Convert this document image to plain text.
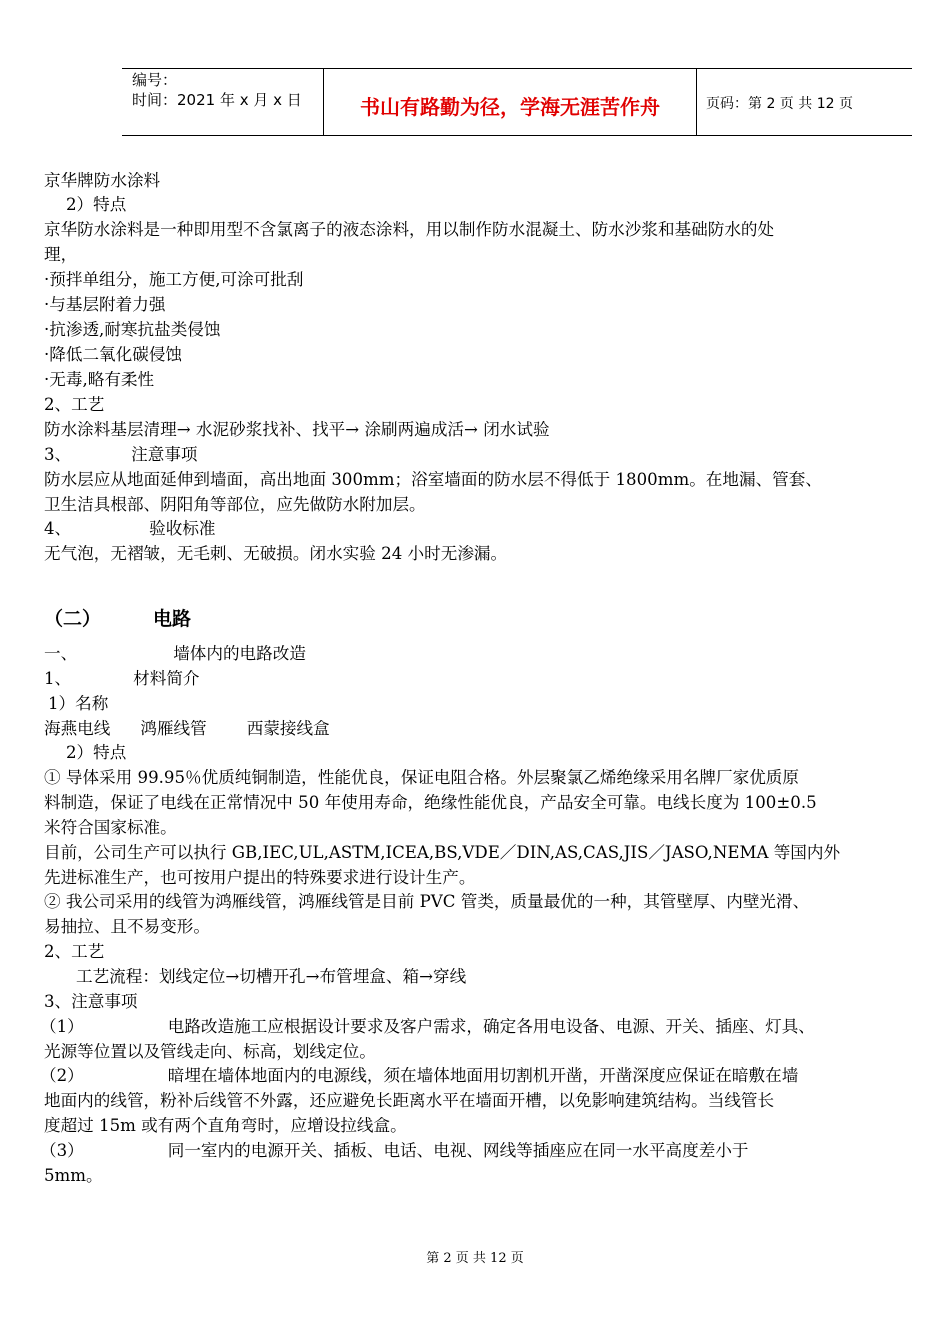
编号：
时间：2021 年 x 月 x 日	书山有路勤为径，学海无涯苦作舟	页码：第 2 页 共 12 页
京华牌防水涂料
2）特点
京华防水涂料是一种即用型不含氯离子的液态涂料，用以制作防水混凝土、防水沙浆和基础防水的处
理，
·预拌单组分，施工方便,可涂可批刮
·与基层附着力强
·抗渗透,耐寒抗盐类侵蚀
·降低二氧化碳侵蚀
·无毒,略有柔性
2、工艺
防水涂料基层清理→ 水泥砂浆找补、找平→ 涂刷两遍成活→ 闭水试验
3、	注意事项
防水层应从地面延伸到墙面，高出地面 300mm；浴室墙面的防水层不得低于 1800mm。在地漏、管套、
卫生洁具根部、阴阳角等部位，应先做防水附加层。
4、	验收标准
无气泡，无褶皱，无毛刺、无破损。闭水实验 24 小时无渗漏。
（二）	电路
一、	墙体内的电路改造
1、	材料简介
1）名称
海燕电线 鸿雁线管 西蒙接线盒
2）特点
① 导体采用 99.95％优质纯铜制造，性能优良，保证电阻合格。外层聚氯乙烯绝缘采用名牌厂家优质原
料制造，保证了电线在正常情况中 50 年使用寿命，绝缘性能优良，产品安全可靠。电线长度为 100±0.5
米符合国家标准。
目前，公司生产可以执行 GB,IEC,UL,ASTM,ICEA,BS,VDE／DIN,AS,CAS,JIS／JASO,NEMA 等国内外
先进标准生产，也可按用户提出的特殊要求进行设计生产。
② 我公司采用的线管为鸿雁线管，鸿雁线管是目前 PVC 管类，质量最优的一种，其管壁厚、内壁光滑、
易抽拉、且不易变形。
2、工艺
工艺流程：划线定位→切槽开孔→布管埋盒、箱→穿线
3、注意事项
（1）	电路改造施工应根据设计要求及客户需求，确定各用电设备、电源、开关、插座、灯具、
光源等位置以及管线走向、标高，划线定位。
（2）	暗埋在墙体地面内的电源线，须在墙体地面用切割机开凿，开凿深度应保证在暗敷在墙
地面内的线管，粉补后线管不外露，还应避免长距离水平在墙面开槽，以免影响建筑结构。当线管长
度超过 15m 或有两个直角弯时，应增设拉线盒。
（3）	同一室内的电源开关、插板、电话、电视、网线等插座应在同一水平高度差小于
5mm。
第 2 页 共 12 页
